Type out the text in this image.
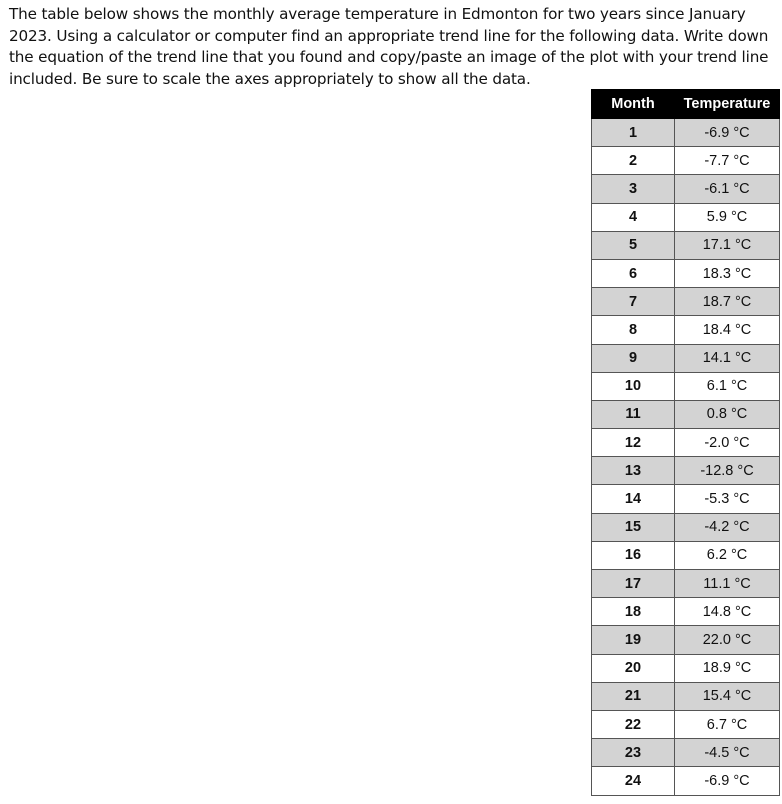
The table below shows the monthly average temperature in Edmonton for two years since January 2023. Using a calculator or computer find an appropriate trend line for the following data. Write down the equation of the trend line that you found and copy/paste an image of the plot with your trend line included. Be sure to scale the axes appropriately to show all the data.

Month	Temperature
1	-6.9 °C
2	-7.7 °C
3	-6.1 °C
4	5.9 °C
5	17.1 °C
6	18.3 °C
7	18.7 °C
8	18.4 °C
9	14.1 °C
10	6.1 °C
11	0.8 °C
12	-2.0 °C
13	-12.8 °C
14	-5.3 °C
15	-4.2 °C
16	6.2 °C
17	11.1 °C
18	14.8 °C
19	22.0 °C
20	18.9 °C
21	15.4 °C
22	6.7 °C
23	-4.5 °C
24	-6.9 °C
